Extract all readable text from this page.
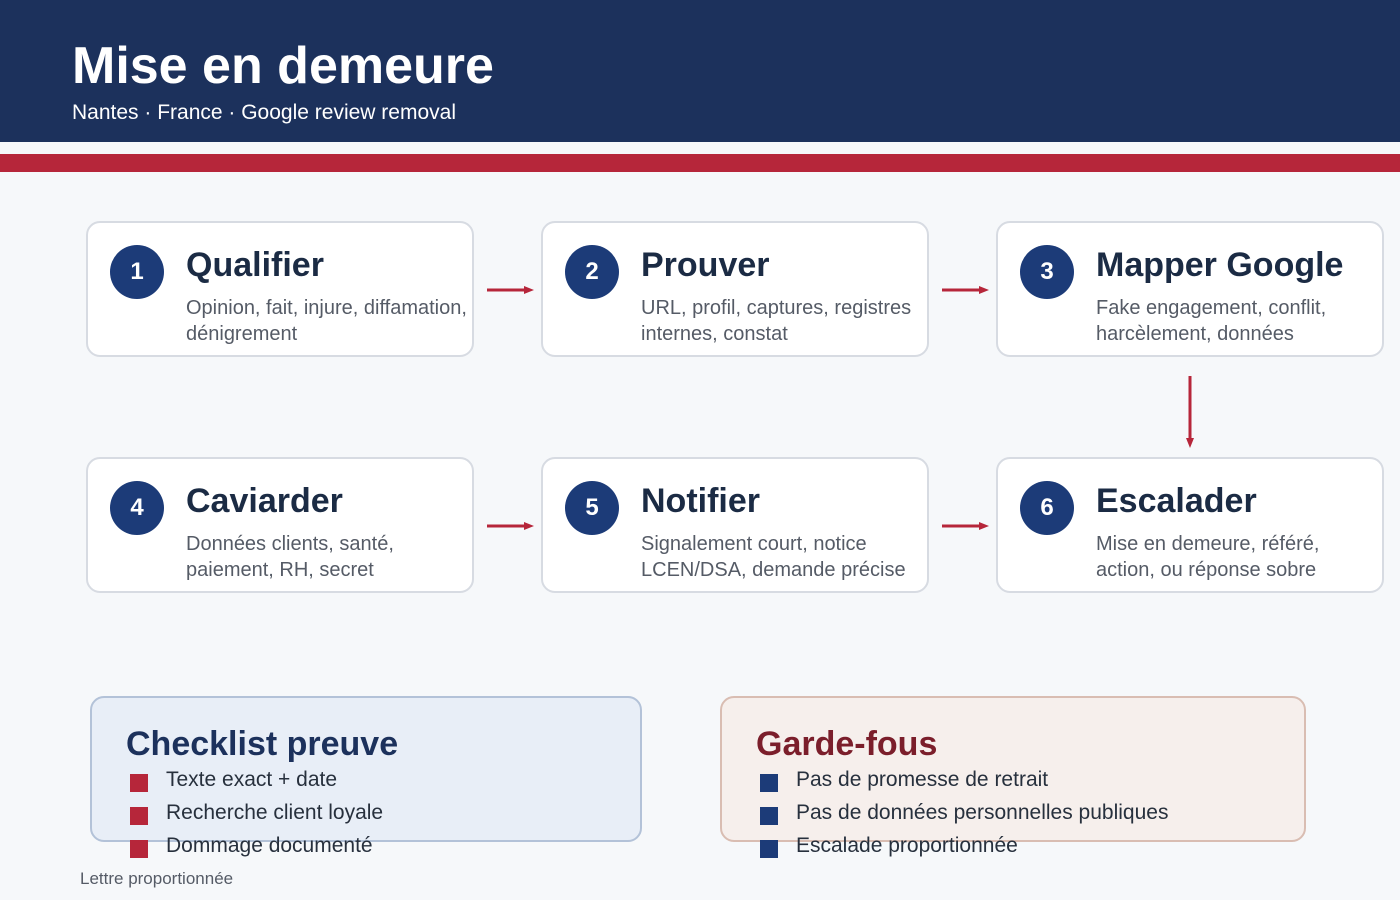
Mise en demeure
Nantes · France · Google review removal
1	Qualifier
Opinion, fait, injure, diffamation, dénigrement
2	Prouver
URL, profil, captures, registres internes, constat
3	Mapper Google
Fake engagement, conflit, harcèlement, données
4	Caviarder
Données clients, santé, paiement, RH, secret
5	Notifier
Signalement court, notice LCEN/DSA, demande précise
6	Escalader
Mise en demeure, référé, action, ou réponse sobre
Checklist preuve
Texte exact + date
Recherche client loyale
Dommage documenté
Garde-fous
Pas de promesse de retrait
Pas de données personnelles publiques
Escalade proportionnée
Lettre proportionnée
